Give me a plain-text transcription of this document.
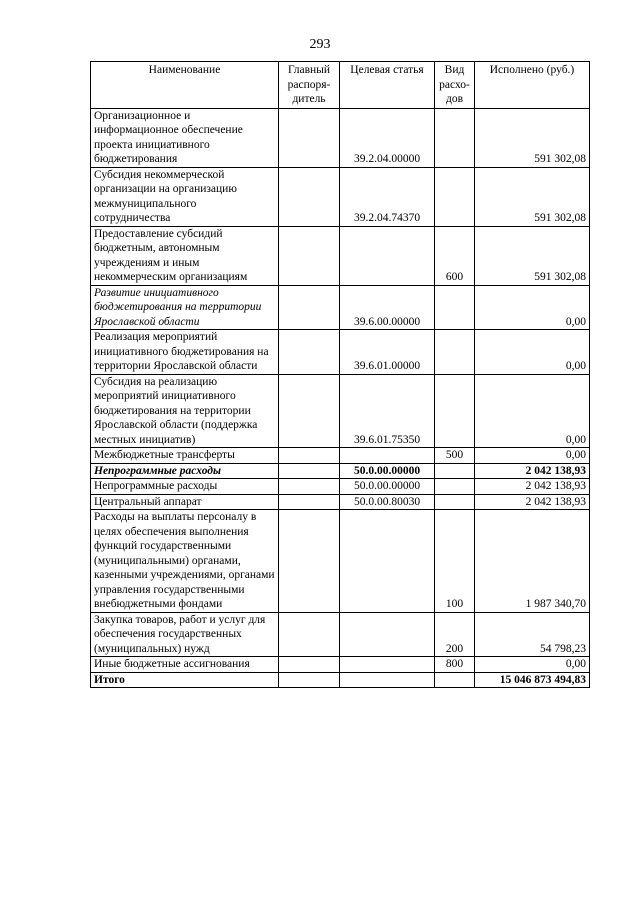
293
Наименование	Главный распоря-дитель	Целевая статья	Вид расхо-дов	Исполнено (руб.)
Организационное и информационное обеспечение проекта инициативного бюджетирования		39.2.04.00000		591 302,08
Субсидия некоммерческой организации на организацию межмуниципального сотрудничества		39.2.04.74370		591 302,08
Предоставление субсидий бюджетным, автономным учреждениям и иным некоммерческим организациям			600	591 302,08
Развитие инициативного бюджетирования на территории Ярославской области		39.6.00.00000		0,00
Реализация мероприятий инициативного бюджетирования на территории Ярославской области		39.6.01.00000		0,00
Субсидия на реализацию мероприятий инициативного бюджетирования на территории Ярославской области (поддержка местных инициатив)		39.6.01.75350		0,00
Межбюджетные трансферты			500	0,00
Непрограммные расходы		50.0.00.00000		2 042 138,93
Непрограммные расходы		50.0.00.00000		2 042 138,93
Центральный аппарат		50.0.00.80030		2 042 138,93
Расходы на выплаты персоналу в целях обеспечения выполнения функций государственными (муниципальными) органами, казенными учреждениями, органами управления государственными внебюджетными фондами			100	1 987 340,70
Закупка товаров, работ и услуг для обеспечения государственных (муниципальных) нужд			200	54 798,23
Иные бюджетные ассигнования			800	0,00
Итого				15 046 873 494,83
